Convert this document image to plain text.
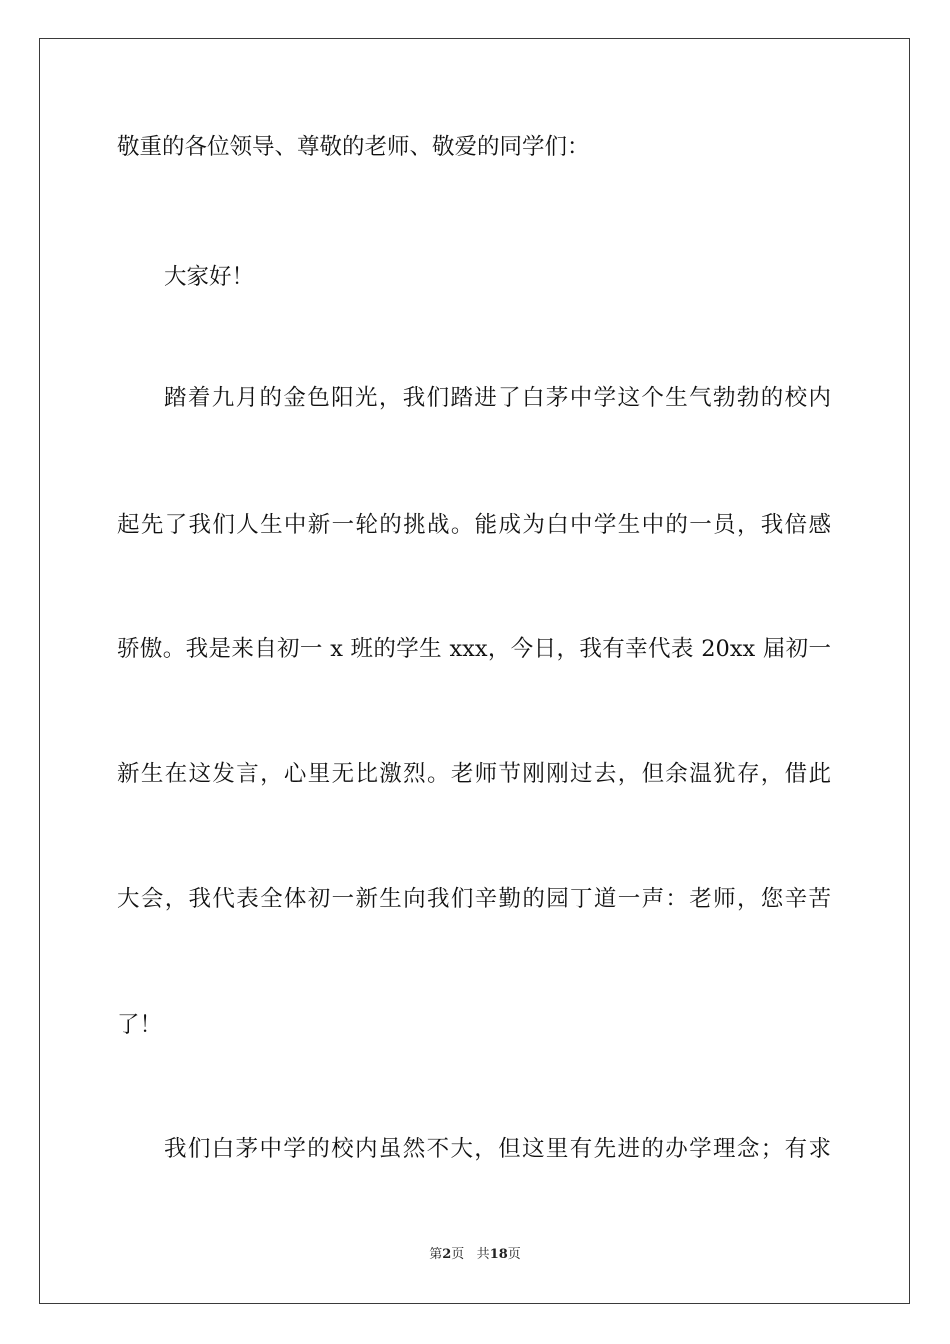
敬重的各位领导、尊敬的老师、敬爱的同学们：
大家好！
踏着九月的金色阳光，我们踏进了白茅中学这个生气勃勃的校内
起先了我们人生中新一轮的挑战。能成为白中学生中的一员，我倍感
骄傲。我是来自初一 x 班的学生 xxx，今日，我有幸代表 20xx 届初一
新生在这发言，心里无比激烈。老师节刚刚过去，但余温犹存，借此
大会，我代表全体初一新生向我们辛勤的园丁道一声：老师，您辛苦
了！
我们白茅中学的校内虽然不大，但这里有先进的办学理念；有求
第2页 共18页
